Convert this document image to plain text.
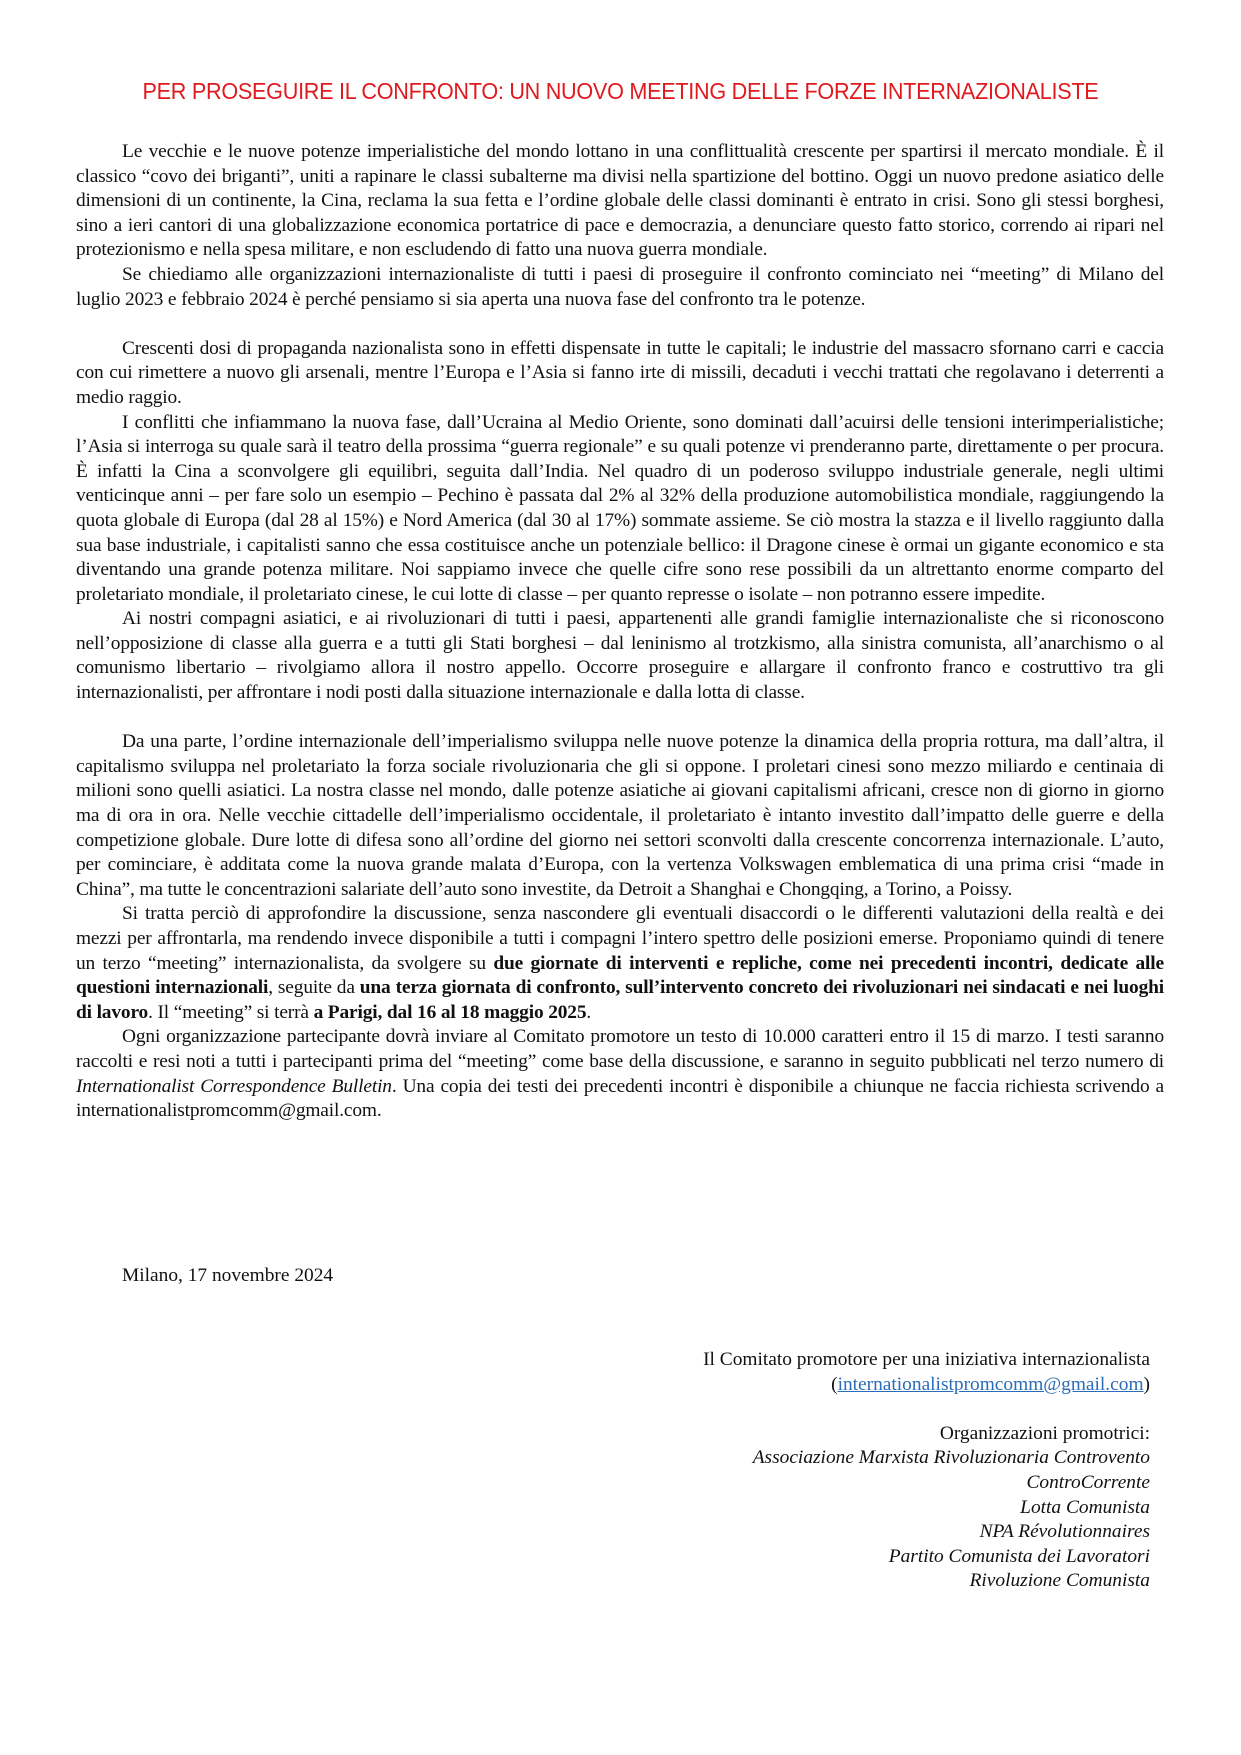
PER PROSEGUIRE IL CONFRONTO: UN NUOVO MEETING DELLE FORZE INTERNAZIONALISTE

Le vecchie e le nuove potenze imperialistiche del mondo lottano in una conflittualità crescente per spartirsi il mercato mondiale. È il classico “covo dei briganti”, uniti a rapinare le classi subalterne ma divisi nella spartizione del bottino. Oggi un nuovo predone asiatico delle dimensioni di un continente, la Cina, reclama la sua fetta e l’ordine globale delle classi dominanti è entrato in crisi. Sono gli stessi borghesi, sino a ieri cantori di una globalizzazione economica portatrice di pace e democrazia, a denunciare questo fatto storico, correndo ai ripari nel protezionismo e nella spesa militare, e non escludendo di fatto una nuova guerra mondiale.

Se chiediamo alle organizzazioni internazionaliste di tutti i paesi di proseguire il confronto cominciato nei “meeting” di Milano del luglio 2023 e febbraio 2024 è perché pensiamo si sia aperta una nuova fase del confronto tra le potenze.

Crescenti dosi di propaganda nazionalista sono in effetti dispensate in tutte le capitali; le industrie del massacro sfornano carri e caccia con cui rimettere a nuovo gli arsenali, mentre l’Europa e l’Asia si fanno irte di missili, decaduti i vecchi trattati che regolavano i deterrenti a medio raggio.

I conflitti che infiammano la nuova fase, dall’Ucraina al Medio Oriente, sono dominati dall’acuirsi delle tensioni interimperialistiche; l’Asia si interroga su quale sarà il teatro della prossima “guerra regionale” e su quali potenze vi prenderanno parte, direttamente o per procura. È infatti la Cina a sconvolgere gli equilibri, seguita dall’India. Nel quadro di un poderoso sviluppo industriale generale, negli ultimi venticinque anni – per fare solo un esempio – Pechino è passata dal 2% al 32% della produzione automobilistica mondiale, raggiungendo la quota globale di Europa (dal 28 al 15%) e Nord America (dal 30 al 17%) sommate assieme. Se ciò mostra la stazza e il livello raggiunto dalla sua base industriale, i capitalisti sanno che essa costituisce anche un potenziale bellico: il Dragone cinese è ormai un gigante economico e sta diventando una grande potenza militare. Noi sappiamo invece che quelle cifre sono rese possibili da un altrettanto enorme comparto del proletariato mondiale, il proletariato cinese, le cui lotte di classe – per quanto represse o isolate – non potranno essere impedite.

Ai nostri compagni asiatici, e ai rivoluzionari di tutti i paesi, appartenenti alle grandi famiglie internazionaliste che si riconoscono nell’opposizione di classe alla guerra e a tutti gli Stati borghesi – dal leninismo al trotzkismo, alla sinistra comunista, all’anarchismo o al comunismo libertario – rivolgiamo allora il nostro appello. Occorre proseguire e allargare il confronto franco e costruttivo tra gli internazionalisti, per affrontare i nodi posti dalla situazione internazionale e dalla lotta di classe.

Da una parte, l’ordine internazionale dell’imperialismo sviluppa nelle nuove potenze la dinamica della propria rottura, ma dall’altra, il capitalismo sviluppa nel proletariato la forza sociale rivoluzionaria che gli si oppone. I proletari cinesi sono mezzo miliardo e centinaia di milioni sono quelli asiatici. La nostra classe nel mondo, dalle potenze asiatiche ai giovani capitalismi africani, cresce non di giorno in giorno ma di ora in ora. Nelle vecchie cittadelle dell’imperialismo occidentale, il proletariato è intanto investito dall’impatto delle guerre e della competizione globale. Dure lotte di difesa sono all’ordine del giorno nei settori sconvolti dalla crescente concorrenza internazionale. L’auto, per cominciare, è additata come la nuova grande malata d’Europa, con la vertenza Volkswagen emblematica di una prima crisi “made in China”, ma tutte le concentrazioni salariate dell’auto sono investite, da Detroit a Shanghai e Chongqing, a Torino, a Poissy.

Si tratta perciò di approfondire la discussione, senza nascondere gli eventuali disaccordi o le differenti valutazioni della realtà e dei mezzi per affrontarla, ma rendendo invece disponibile a tutti i compagni l’intero spettro delle posizioni emerse. Proponiamo quindi di tenere un terzo “meeting” internazionalista, da svolgere su due giornate di interventi e repliche, come nei precedenti incontri, dedicate alle questioni internazionali, seguite da una terza giornata di confronto, sull’intervento concreto dei rivoluzionari nei sindacati e nei luoghi di lavoro. Il “meeting” si terrà a Parigi, dal 16 al 18 maggio 2025.

Ogni organizzazione partecipante dovrà inviare al Comitato promotore un testo di 10.000 caratteri entro il 15 di marzo. I testi saranno raccolti e resi noti a tutti i partecipanti prima del “meeting” come base della discussione, e saranno in seguito pubblicati nel terzo numero di Internationalist Correspondence Bulletin. Una copia dei testi dei precedenti incontri è disponibile a chiunque ne faccia richiesta scrivendo a internationalistpromcomm@gmail.com.

Milano, 17 novembre 2024
Il Comitato promotore per una iniziativa internazionalista
(internationalistpromcomm@gmail.com)
Organizzazioni promotrici:
Associazione Marxista Rivoluzionaria Controvento
ControCorrente
Lotta Comunista
NPA Révolutionnaires
Partito Comunista dei Lavoratori
Rivoluzione Comunista
